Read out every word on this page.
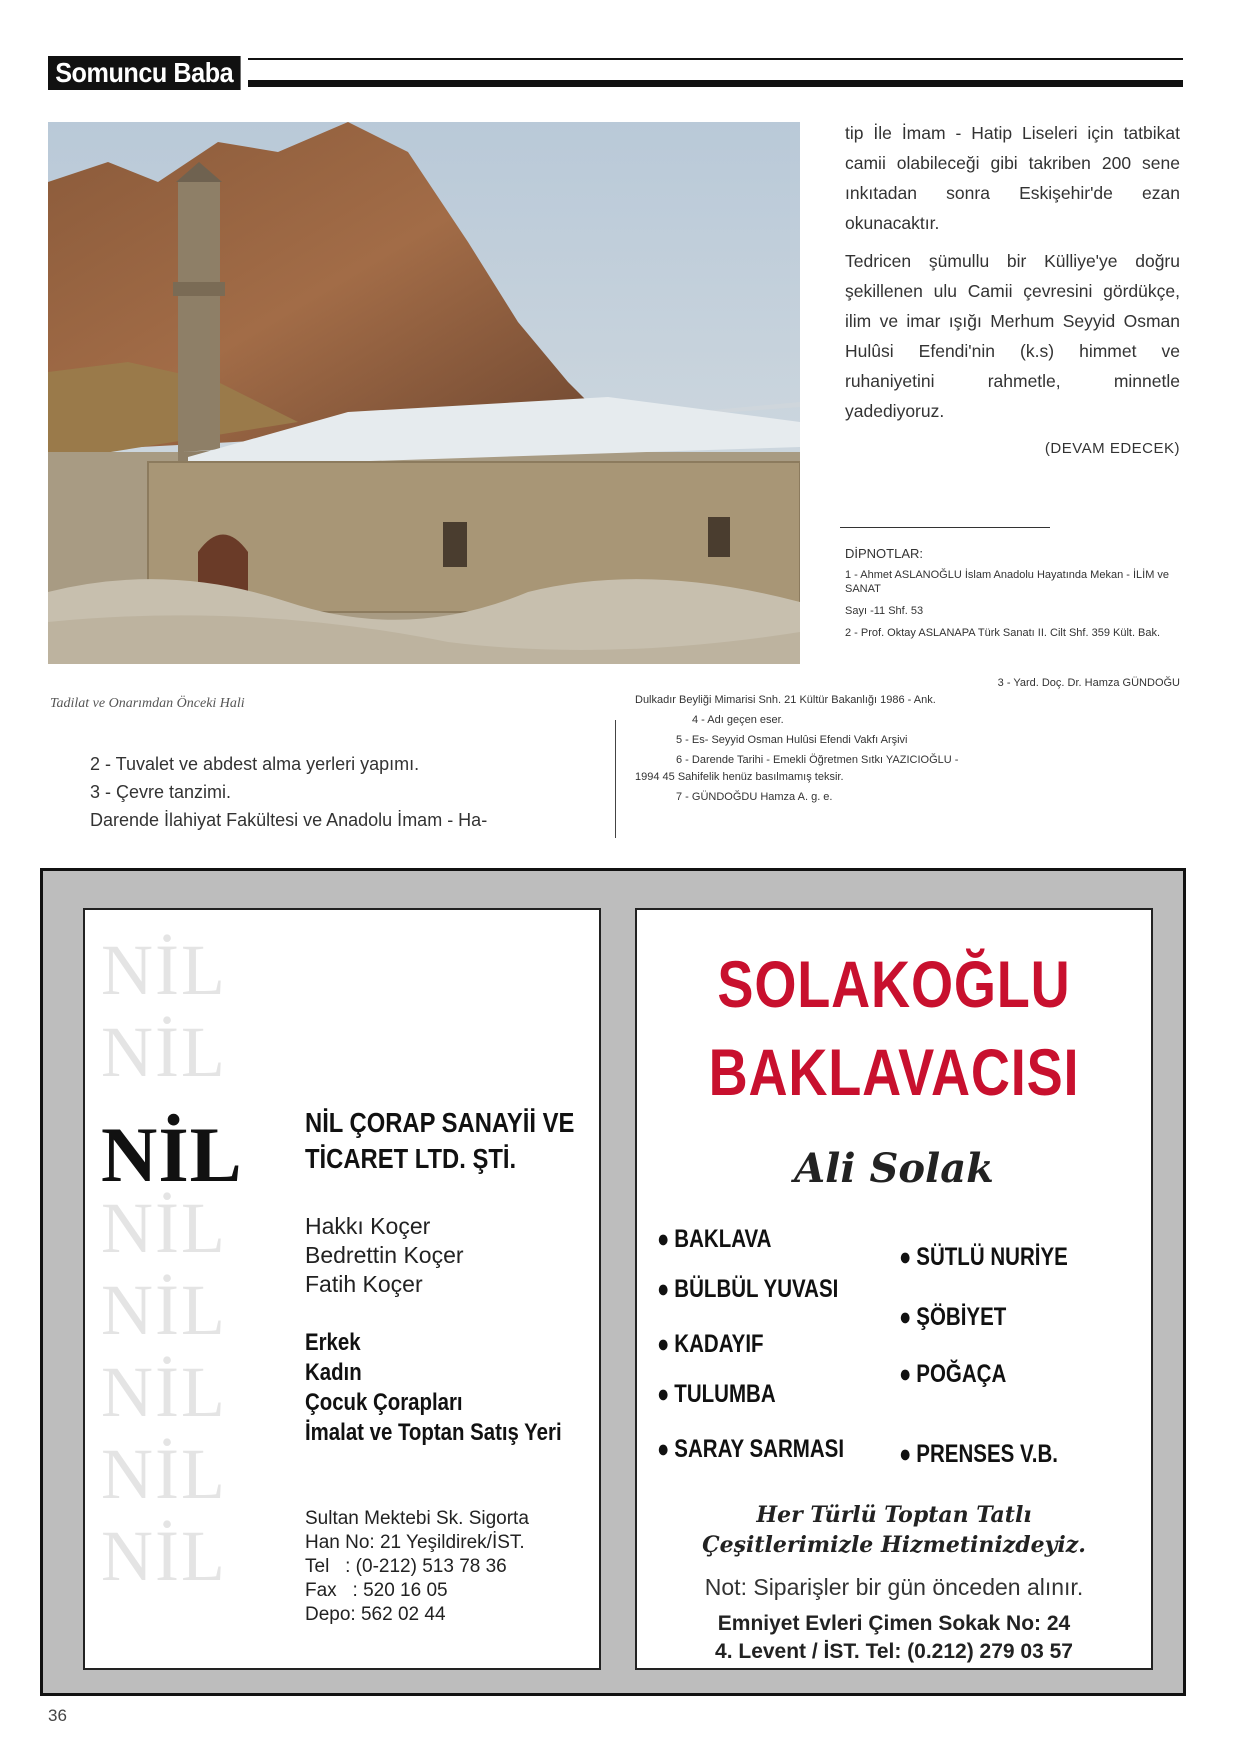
Somuncu Baba
Tadilat ve Onarımdan Önceki Hali

tip İle İmam - Hatip Liseleri için tatbikat camii olabileceği gibi takriben 200 sene ınkıtadan sonra Eskişehir'de ezan okunacaktır.

Tedricen şümullu bir Külliye'ye doğru şekillenen ulu Camii çevresini gördükçe, ilim ve imar ışığı Merhum Seyyid Osman Hulûsi Efendi'nin (k.s) himmet ve ruhaniyetini rahmetle, minnetle yadediyoruz.

(DEVAM EDECEK)
DİPNOTLAR:
1 - Ahmet ASLANOĞLU İslam Anadolu Hayatında Mekan - İLİM ve SANAT
Sayı -11 Shf. 53
2 - Prof. Oktay ASLANAPA Türk Sanatı II. Cilt Shf. 359 Kült. Bak.
3 - Yard. Doç. Dr. Hamza GÜNDOĞU
Dulkadır Beyliği Mimarisi Snh. 21 Kültür Bakanlığı 1986 - Ank.
4 - Adı geçen eser.
5 - Es- Seyyid Osman Hulûsi Efendi Vakfı Arşivi
6 - Darende Tarihi - Emekli Öğretmen Sıtkı YAZICIOĞLU -
1994 45 Sahifelik henüz basılmamış teksir.
7 - GÜNDOĞDU Hamza A. g. e.
2 - Tuvalet ve abdest alma yerleri yapımı.
3 - Çevre tanzimi.
Darende İlahiyat Fakültesi ve Anadolu İmam - Ha-
NİL
NİL
NİL
NİL
NİL
NİL
NİL
NİL
NİL ÇORAP SANAYİİ VE TİCARET LTD. ŞTİ.
Hakkı Koçer
Bedrettin Koçer
Fatih Koçer
Erkek
Kadın
Çocuk Çorapları
İmalat ve Toptan Satış Yeri
Sultan Mektebi Sk. Sigorta
Han No: 21 Yeşildirek/İST.
Tel   : (0-212) 513 78 36
Fax   : 520 16 05
Depo: 562 02 44
SOLAKOĞLU
BAKLAVACISI
Ali Solak
● BAKLAVA
● BÜLBÜL YUVASI
● KADAYIF
● TULUMBA
● SARAY SARMASI
● SÜTLÜ NURİYE
● ŞÖBİYET
● POĞAÇA
● PRENSES V.B.
Her Türlü Toptan Tatlı
Çeşitlerimizle Hizmetinizdeyiz.
Not: Siparişler bir gün önceden alınır.
Emniyet Evleri Çimen Sokak No: 24
4. Levent / İST. Tel: (0.212) 279 03 57
36
